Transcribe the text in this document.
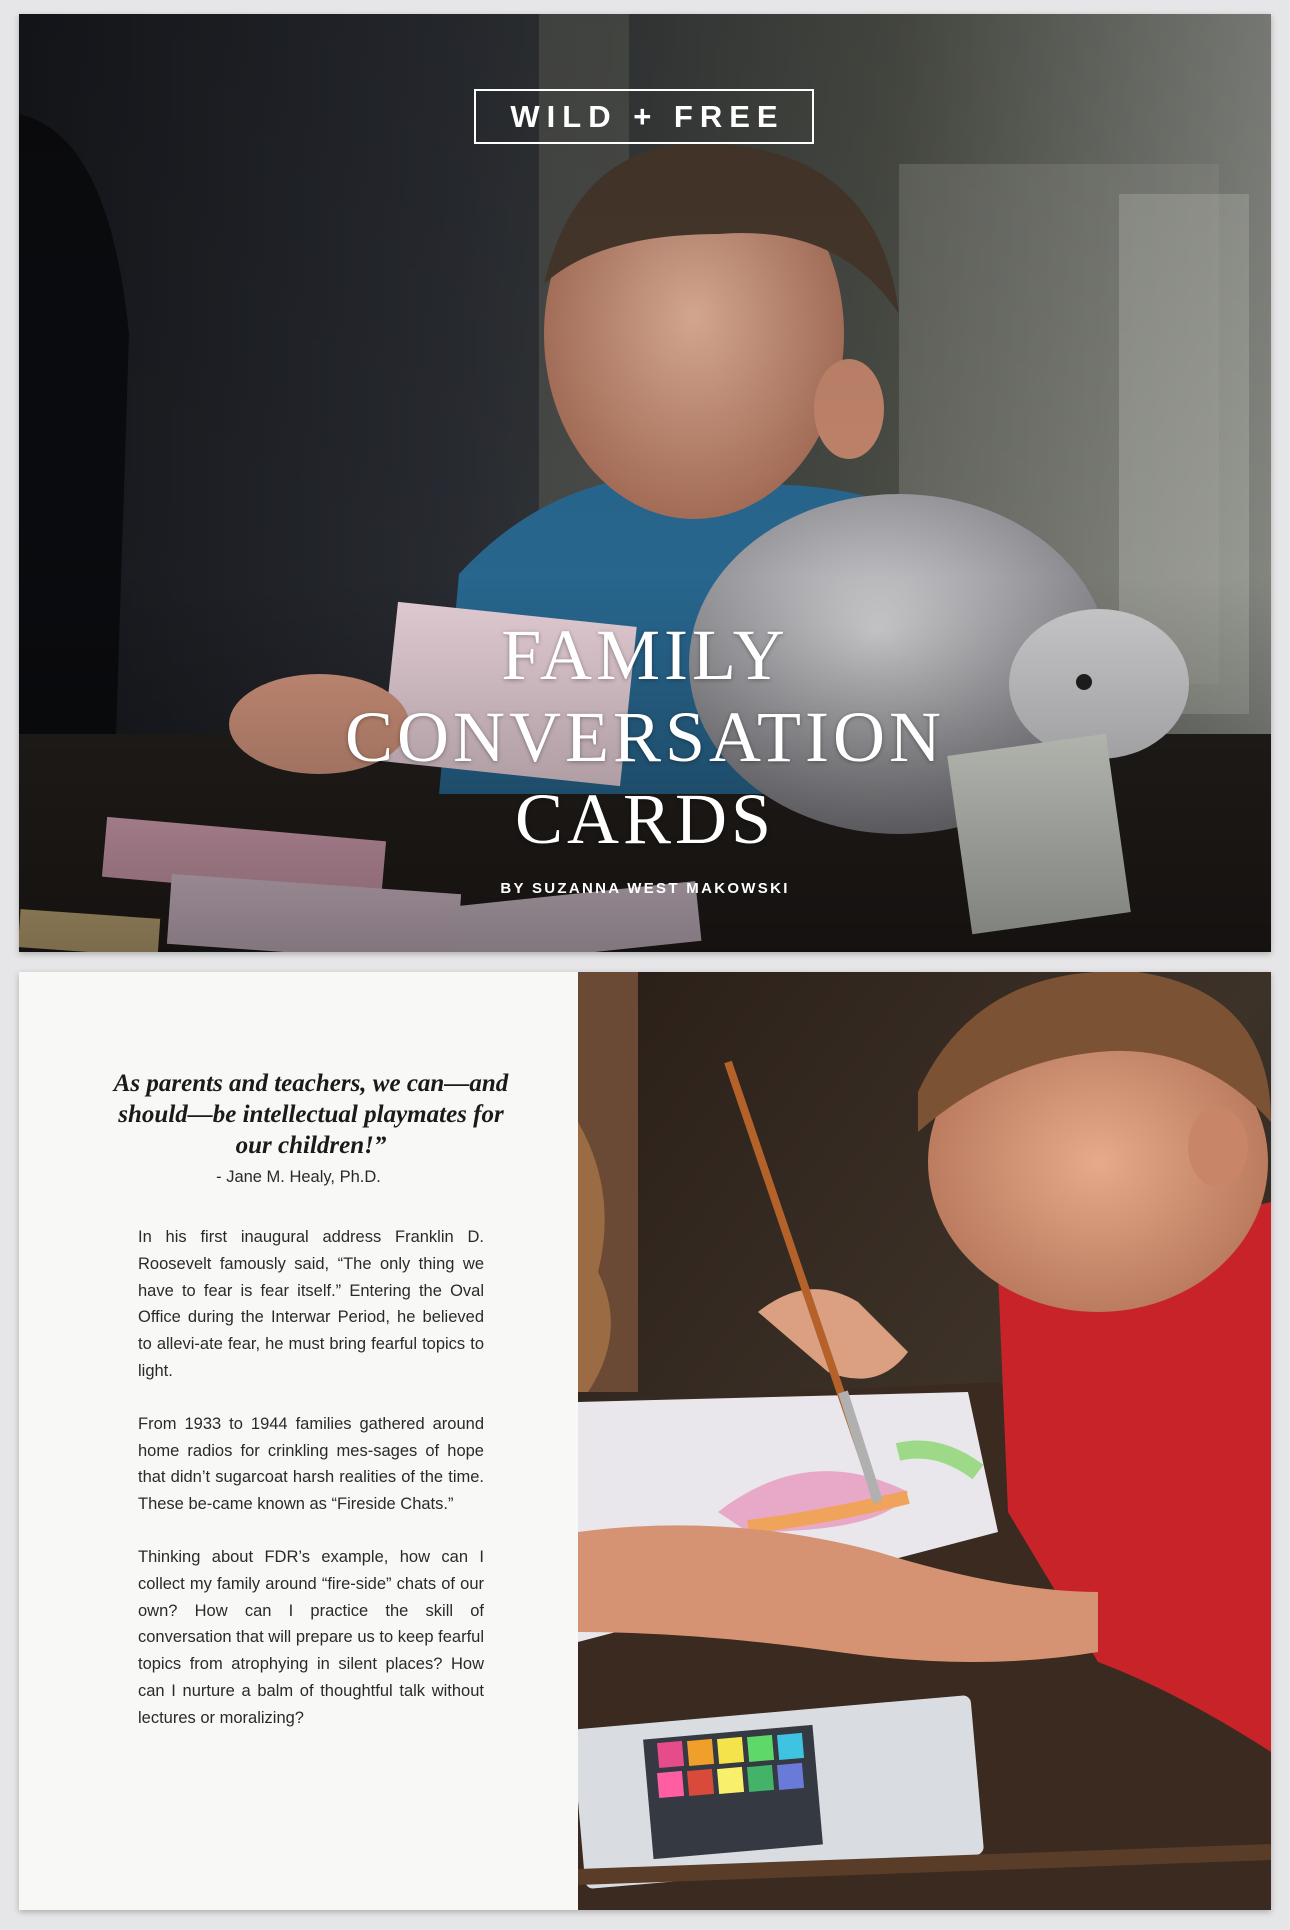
WILD + FREE
FAMILY
CONVERSATION
CARDS
BY SUZANNA WEST MAKOWSKI
As parents and teachers, we can—and should—be intellectual playmates for our children!”
- Jane M. Healy, Ph.D.

In his first inaugural address Franklin D. Roosevelt famously said, “The only thing we have to fear is fear itself.” Entering the Oval Office during the Interwar Period, he believed to allevi-ate fear, he must bring fearful topics to light.

From 1933 to 1944 families gathered around home radios for crinkling mes-sages of hope that didn’t sugarcoat harsh realities of the time. These be-came known as “Fireside Chats.”

Thinking about FDR’s example, how can I collect my family around “fire-side” chats of our own? How can I practice the skill of conversation that will prepare us to keep fearful topics from atrophying in silent places? How can I nurture a balm of thoughtful talk without lectures or moralizing?
